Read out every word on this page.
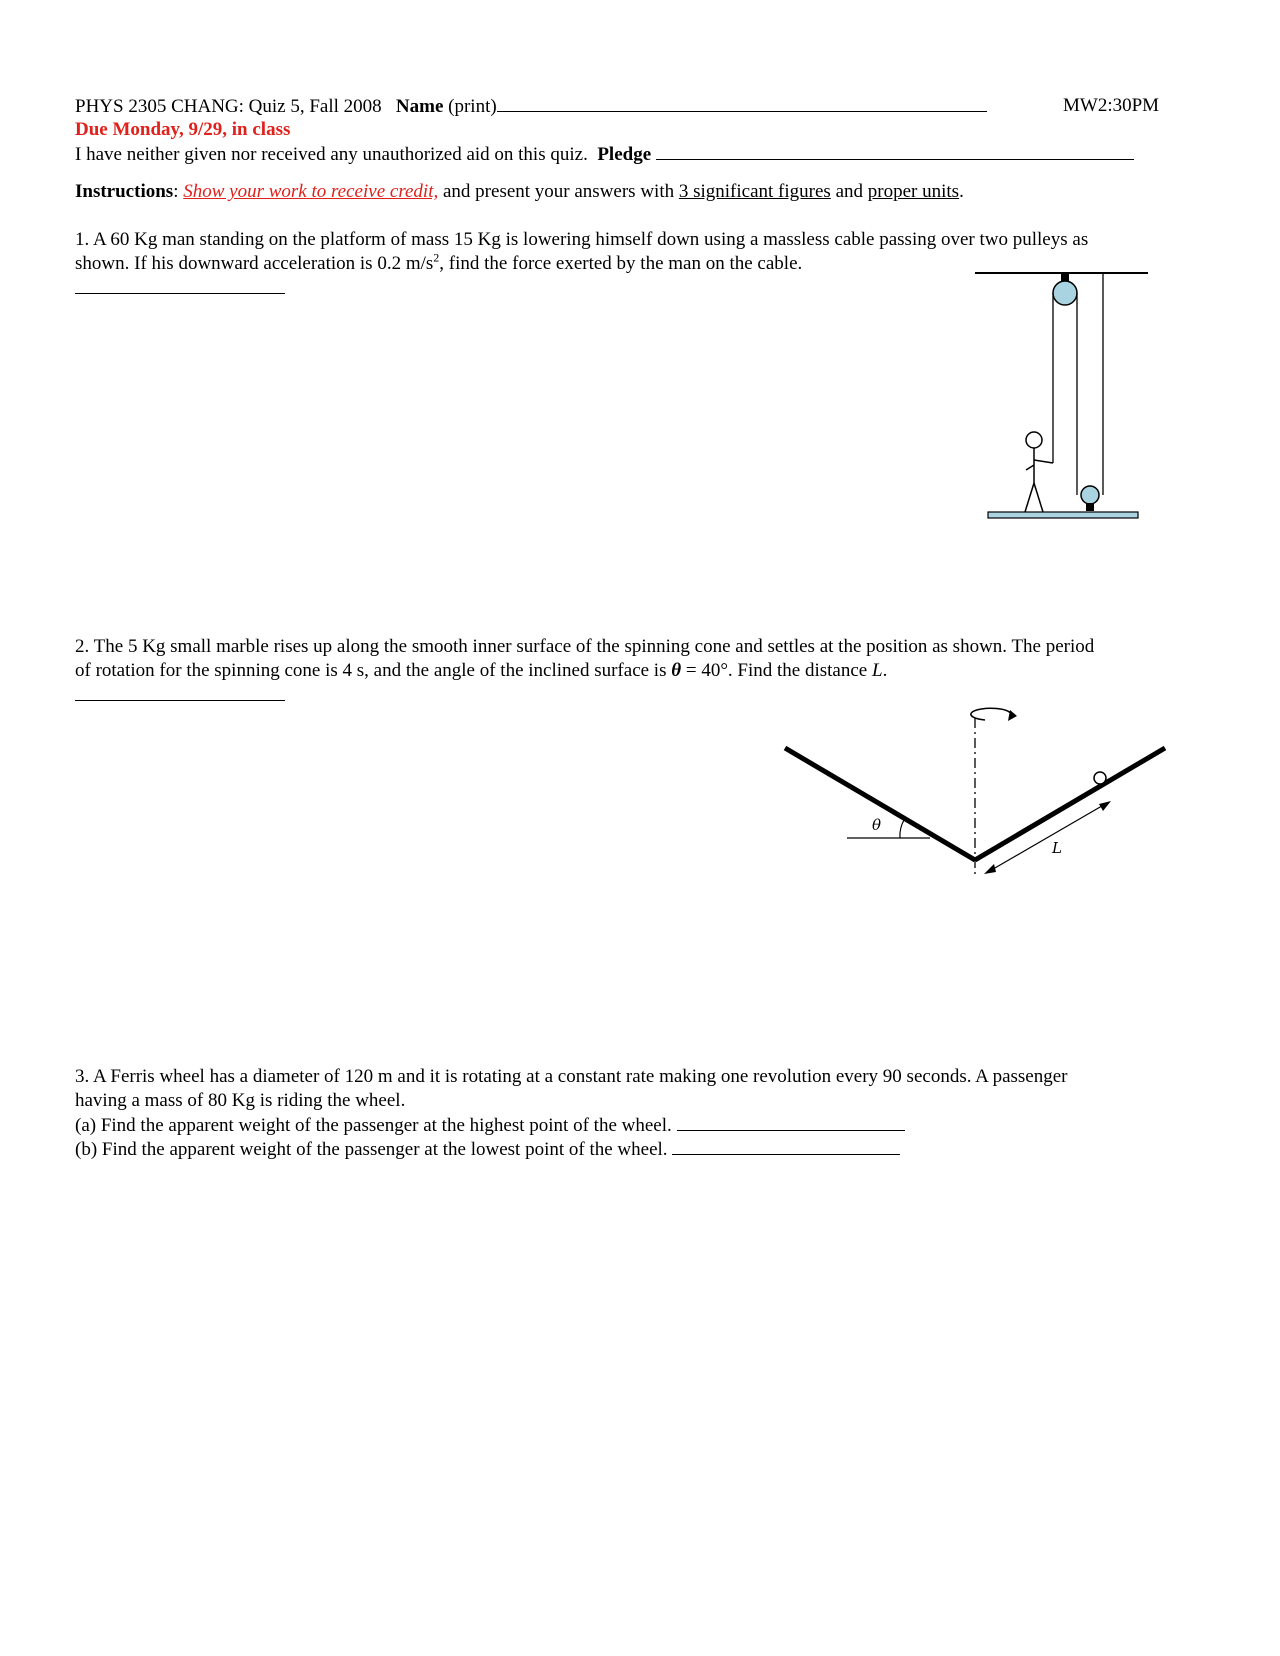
PHYS 2305 CHANG: Quiz 5, Fall 2008 Name (print)	MW2:30PM
Due Monday, 9/29, in class
I have neither given nor received any unauthorized aid on this quiz. Pledge
Instructions: Show your work to receive credit, and present your answers with 3 significant figures and proper units.
1. A 60 Kg man standing on the platform of mass 15 Kg is lowering himself down using a massless cable passing over two pulleys as
shown. If his downward acceleration is 0.2 $m/s^2$, find the force exerted by the man on the cable.
2. The 5 Kg small marble rises up along the smooth inner surface of the spinning cone and settles at the position as shown. The period
of rotation for the spinning cone is 4 s, and the angle of the inclined surface is θ = 40°. Find the distance L.
θ
L
3. A Ferris wheel has a diameter of 120 m and it is rotating at a constant rate making one revolution every 90 seconds. A passenger
having a mass of 80 Kg is riding the wheel.
(a) Find the apparent weight of the passenger at the highest point of the wheel.
(b) Find the apparent weight of the passenger at the lowest point of the wheel.
